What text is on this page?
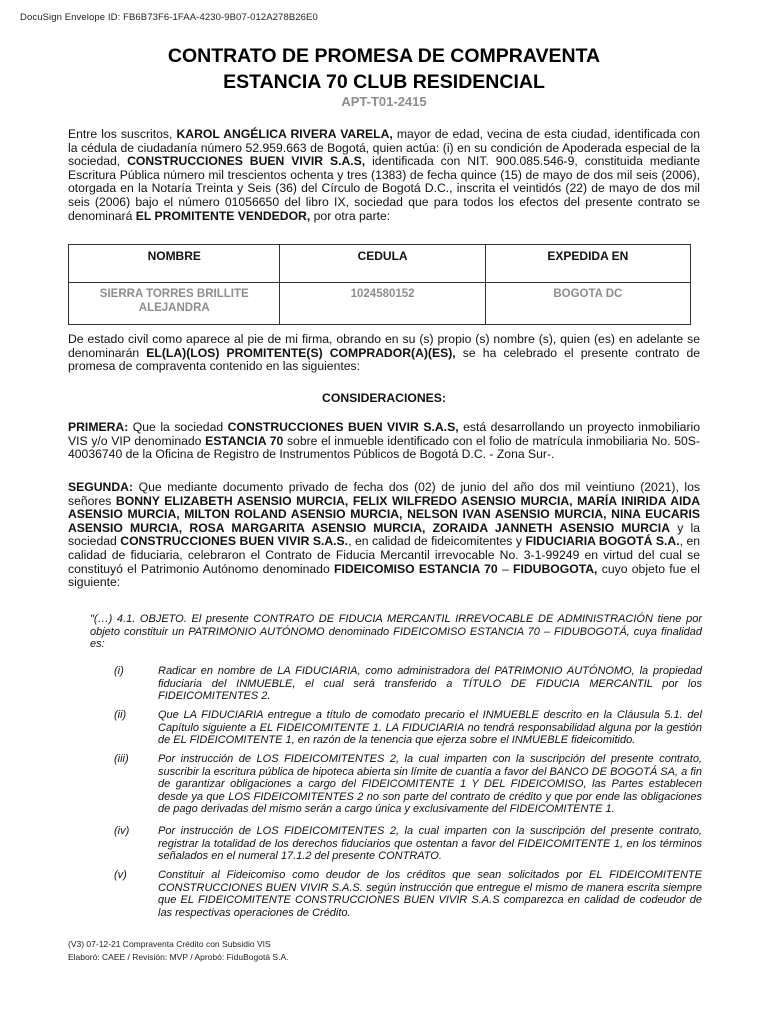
DocuSign Envelope ID: FB6B73F6-1FAA-4230-9B07-012A278B26E0
CONTRATO DE PROMESA DE COMPRAVENTA
ESTANCIA 70 CLUB RESIDENCIAL
APT-T01-2415
Entre los suscritos, KAROL ANGÉLICA RIVERA VARELA, mayor de edad, vecina de esta ciudad, identificada con la cédula de ciudadanía número 52.959.663 de Bogotá, quien actúa: (i) en su condición de Apoderada especial de la sociedad, CONSTRUCCIONES BUEN VIVIR S.A.S, identificada con NIT. 900.085.546-9, constituida mediante Escritura Pública número mil trescientos ochenta y tres (1383) de fecha quince (15) de mayo de dos mil seis (2006), otorgada en la Notaría Treinta y Seis (36) del Círculo de Bogotá D.C., inscrita el veintidós (22) de mayo de dos mil seis (2006) bajo el número 01056650 del libro IX, sociedad que para todos los efectos del presente contrato se denominará EL PROMITENTE VENDEDOR, por otra parte:
NOMBRE	CEDULA	EXPEDIDA EN
SIERRA TORRES BRILLITE ALEJANDRA	1024580152	BOGOTA DC
De estado civil como aparece al pie de mi firma, obrando en su (s) propio (s) nombre (s), quien (es) en adelante se denominarán EL(LA)(LOS) PROMITENTE(S) COMPRADOR(A)(ES), se ha celebrado el presente contrato de promesa de compraventa contenido en las siguientes:
CONSIDERACIONES:
PRIMERA: Que la sociedad CONSTRUCCIONES BUEN VIVIR S.A.S, está desarrollando un proyecto inmobiliario VIS y/o VIP denominado ESTANCIA 70 sobre el inmueble identificado con el folio de matrícula inmobiliaria No. 50S-40036740 de la Oficina de Registro de Instrumentos Públicos de Bogotá D.C. - Zona Sur-.
SEGUNDA: Que mediante documento privado de fecha dos (02) de junio del año dos mil veintiuno (2021), los señores BONNY ELIZABETH ASENSIO MURCIA, FELIX WILFREDO ASENSIO MURCIA, MARÍA INIRIDA AIDA ASENSIO MURCIA, MILTON ROLAND ASENSIO MURCIA, NELSON IVAN ASENSIO MURCIA, NINA EUCARIS ASENSIO MURCIA, ROSA MARGARITA ASENSIO MURCIA, ZORAIDA JANNETH ASENSIO MURCIA y la sociedad CONSTRUCCIONES BUEN VIVIR S.A.S., en calidad de fideicomitentes y FIDUCIARIA BOGOTÁ S.A., en calidad de fiduciaria, celebraron el Contrato de Fiducia Mercantil irrevocable No. 3-1-99249 en virtud del cual se constituyó el Patrimonio Autónomo denominado FIDEICOMISO ESTANCIA 70 – FIDUBOGOTA, cuyo objeto fue el siguiente:
"(…) 4.1. OBJETO. El presente CONTRATO DE FIDUCIA MERCANTIL IRREVOCABLE DE ADMINISTRACIÓN tiene por objeto constituir un PATRIMONIO AUTÓNOMO denominado FIDEICOMISO ESTANCIA 70 – FIDUBOGOTÁ, cuya finalidad es:
(i)	Radicar en nombre de LA FIDUCIARIA, como administradora del PATRIMONIO AUTÓNOMO, la propiedad fiduciaria del INMUEBLE, el cual será transferido a TÍTULO DE FIDUCIA MERCANTIL por los FIDEICOMITENTES 2.
(ii)	Que LA FIDUCIARIA entregue a título de comodato precario el INMUEBLE descrito en la Cláusula 5.1. del Capítulo siguiente a EL FIDEICOMITENTE 1. LA FIDUCIARIA no tendrá responsabilidad alguna por la gestión de EL FIDEICOMITENTE 1, en razón de la tenencia que ejerza sobre el INMUEBLE fideicomitido.
(iii)	Por instrucción de LOS FIDEICOMITENTES 2, la cual imparten con la suscripción del presente contrato, suscribir la escritura pública de hipoteca abierta sin límite de cuantía a favor del BANCO DE BOGOTÁ SA, a fin de garantizar obligaciones a cargo del FIDEICOMITENTE 1 Y DEL FIDEICOMISO, las Partes establecen desde ya que LOS FIDEICOMITENTES 2 no son parte del contrato de crédito y que por ende las obligaciones de pago derivadas del mismo serán a cargo única y exclusivamente del FIDEICOMITENTE 1.
(iv)	Por instrucción de LOS FIDEICOMITENTES 2, la cual imparten con la suscripción del presente contrato, registrar la totalidad de los derechos fiduciarios que ostentan a favor del FIDEICOMITENTE 1, en los términos señalados en el numeral 17.1.2 del presente CONTRATO.
(v)	Constituir al Fideicomiso como deudor de los créditos que sean solicitados por EL FIDEICOMITENTE CONSTRUCCIONES BUEN VIVIR S.A.S. según instrucción que entregue el mismo de manera escrita siempre que EL FIDEICOMITENTE CONSTRUCCIONES BUEN VIVIR S.A.S comparezca en calidad de codeudor de las respectivas operaciones de Crédito.
(V3) 07-12-21 Compraventa Crédito con Subsidio VIS
Elaboró: CAEE / Revisión: MVP / Aprobó: FiduBogotá S.A.
